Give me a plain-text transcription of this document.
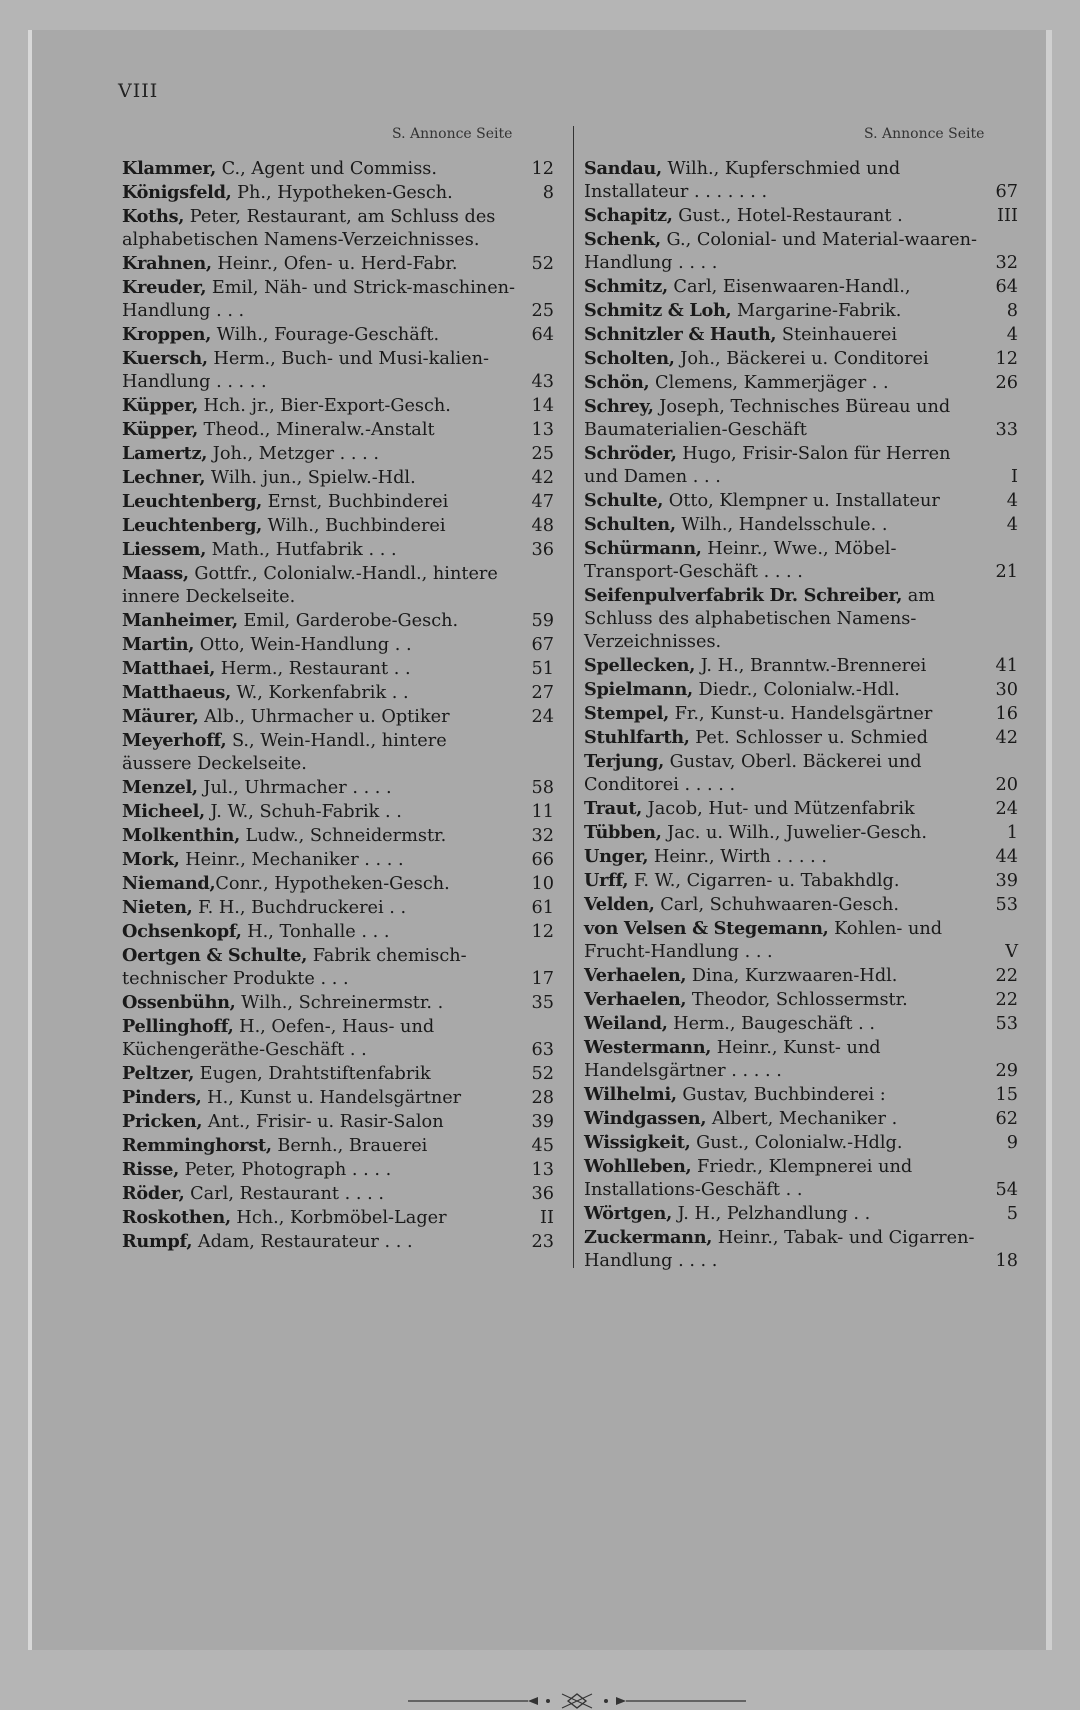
VIII
S. Annonce Seite	S. Annonce Seite
Klammer, C., Agent und Commiss.	12
Königsfeld, Ph., Hypotheken-Gesch.	8
Koths, Peter, Restaurant, am Schluss des alphabetischen Namens-Verzeichnisses.
Krahnen, Heinr., Ofen- u. Herd-Fabr.	52
Kreuder, Emil, Näh- und Strick-maschinen-Handlung . . .	25
Kroppen, Wilh., Fourage-Geschäft.	64
Kuersch, Herm., Buch- und Musi-kalien-Handlung . . . . .	43
Küpper, Hch. jr., Bier-Export-Gesch.	14
Küpper, Theod., Mineralw.-Anstalt	13
Lamertz, Joh., Metzger . . . .	25
Lechner, Wilh. jun., Spielw.-Hdl.	42
Leuchtenberg, Ernst, Buchbinderei	47
Leuchtenberg, Wilh., Buchbinderei	48
Liessem, Math., Hutfabrik . . .	36
Maass, Gottfr., Colonialw.-Handl., hintere innere Deckelseite.
Manheimer, Emil, Garderobe-Gesch.	59
Martin, Otto, Wein-Handlung . .	67
Matthaei, Herm., Restaurant . .	51
Matthaeus, W., Korkenfabrik . .	27
Mäurer, Alb., Uhrmacher u. Optiker	24
Meyerhoff, S., Wein-Handl., hintere äussere Deckelseite.
Menzel, Jul., Uhrmacher . . . .	58
Micheel, J. W., Schuh-Fabrik . .	11
Molkenthin, Ludw., Schneidermstr.	32
Mork, Heinr., Mechaniker . . . .	66
Niemand,Conr., Hypotheken-Gesch.	10
Nieten, F. H., Buchdruckerei . .	61
Ochsenkopf, H., Tonhalle . . .	12
Oertgen & Schulte, Fabrik chemisch-technischer Produkte . . .	17
Ossenbühn, Wilh., Schreinermstr. .	35
Pellinghoff, H., Oefen-, Haus- und Küchengeräthe-Geschäft . .	63
Peltzer, Eugen, Drahtstiftenfabrik	52
Pinders, H., Kunst u. Handelsgärtner	28
Pricken, Ant., Frisir- u. Rasir-Salon	39
Remminghorst, Bernh., Brauerei	45
Risse, Peter, Photograph . . . .	13
Röder, Carl, Restaurant . . . .	36
Roskothen, Hch., Korbmöbel-Lager	II
Rumpf, Adam, Restaurateur . . .	23
Sandau, Wilh., Kupferschmied und Installateur . . . . . . .	67
Schapitz, Gust., Hotel-Restaurant .	III
Schenk, G., Colonial- und Material-waaren-Handlung . . . .	32
Schmitz, Carl, Eisenwaaren-Handl.,	64
Schmitz & Loh, Margarine-Fabrik.	8
Schnitzler & Hauth, Steinhauerei	4
Scholten, Joh., Bäckerei u. Conditorei	12
Schön, Clemens, Kammerjäger . .	26
Schrey, Joseph, Technisches Büreau und Baumaterialien-Geschäft	33
Schröder, Hugo, Frisir-Salon für Herren und Damen . . .	I
Schulte, Otto, Klempner u. Installateur	4
Schulten, Wilh., Handelsschule. .	4
Schürmann, Heinr., Wwe., Möbel-Transport-Geschäft . . . .	21
Seifenpulverfabrik Dr. Schreiber, am Schluss des alphabetischen Namens-Verzeichnisses.
Spellecken, J. H., Branntw.-Brennerei	41
Spielmann, Diedr., Colonialw.-Hdl.	30
Stempel, Fr., Kunst-u. Handelsgärtner	16
Stuhlfarth, Pet. Schlosser u. Schmied	42
Terjung, Gustav, Oberl. Bäckerei und Conditorei . . . . .	20
Traut, Jacob, Hut- und Mützenfabrik	24
Tübben, Jac. u. Wilh., Juwelier-Gesch.	1
Unger, Heinr., Wirth . . . . .	44
Urff, F. W., Cigarren- u. Tabakhdlg.	39
Velden, Carl, Schuhwaaren-Gesch.	53
von Velsen & Stegemann, Kohlen- und Frucht-Handlung . . .	V
Verhaelen, Dina, Kurzwaaren-Hdl.	22
Verhaelen, Theodor, Schlossermstr.	22
Weiland, Herm., Baugeschäft . .	53
Westermann, Heinr., Kunst- und Handelsgärtner . . . . .	29
Wilhelmi, Gustav, Buchbinderei :	15
Windgassen, Albert, Mechaniker .	62
Wissigkeit, Gust., Colonialw.-Hdlg.	9
Wohlleben, Friedr., Klempnerei und Installations-Geschäft . .	54
Wörtgen, J. H., Pelzhandlung . .	5
Zuckermann, Heinr., Tabak- und Cigarren-Handlung . . . .	18
